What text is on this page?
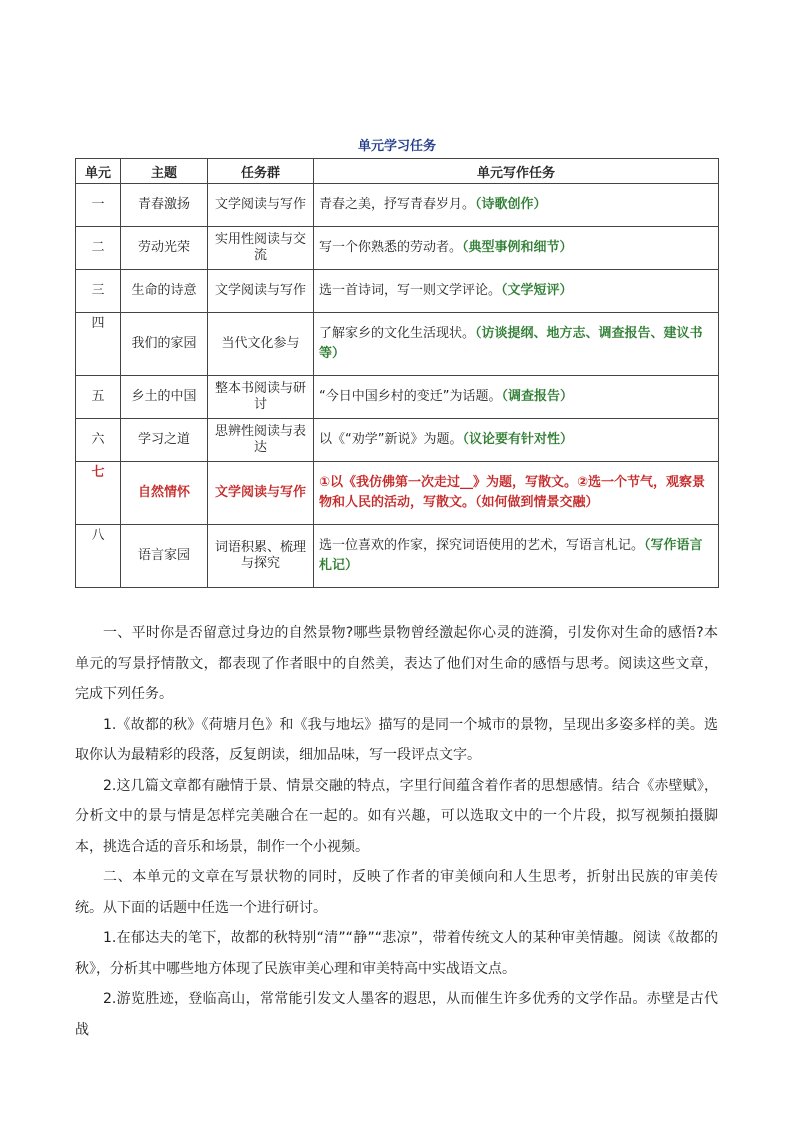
单元学习任务
单元	主题	任务群	单元写作任务
一	青春激扬	文学阅读与写作	青春之美，抒写青春岁月。（诗歌创作）
二	劳动光荣	实用性阅读与交流	写一个你熟悉的劳动者。（典型事例和细节）
三	生命的诗意	文学阅读与写作	选一首诗词，写一则文学评论。（文学短评）
四	我们的家园	当代文化参与	了解家乡的文化生活现状。（访谈提纲、地方志、调查报告、建议书等）
五	乡土的中国	整本书阅读与研讨	“今日中国乡村的变迁”为话题。（调查报告）
六	学习之道	思辨性阅读与表达	以《“劝学”新说》为题。（议论要有针对性）
七	自然情怀	文学阅读与写作	①以《我仿佛第一次走过__》为题，写散文。②选一个节气，观察景物和人民的活动，写散文。（如何做到情景交融）
八	语言家园	词语积累、梳理与探究	选一位喜欢的作家，探究词语使用的艺术，写语言札记。（写作语言札记）

一、平时你是否留意过身边的自然景物?哪些景物曾经激起你心灵的涟漪，引发你对生命的感悟?本单元的写景抒情散文，都表现了作者眼中的自然美，表达了他们对生命的感悟与思考。阅读这些文章，完成下列任务。

1.《故都的秋》《荷塘月色》和《我与地坛》描写的是同一个城市的景物，呈现出多姿多样的美。选取你认为最精彩的段落，反复朗读，细加品味，写一段评点文字。

2.这几篇文章都有融情于景、情景交融的特点，字里行间蕴含着作者的思想感情。结合《赤壁赋》，分析文中的景与情是怎样完美融合在一起的。如有兴趣，可以选取文中的一个片段，拟写视频拍摄脚本，挑选合适的音乐和场景，制作一个小视频。

二、本单元的文章在写景状物的同时，反映了作者的审美倾向和人生思考，折射出民族的审美传统。从下面的话题中任选一个进行研讨。

1.在郁达夫的笔下，故都的秋特别“清”“静”“悲凉”，带着传统文人的某种审美情趣。阅读《故都的秋》，分析其中哪些地方体现了民族审美心理和审美特高中实战语文点。

2.游览胜迹，登临高山，常常能引发文人墨客的遐思，从而催生许多优秀的文学作品。赤壁是古代战
